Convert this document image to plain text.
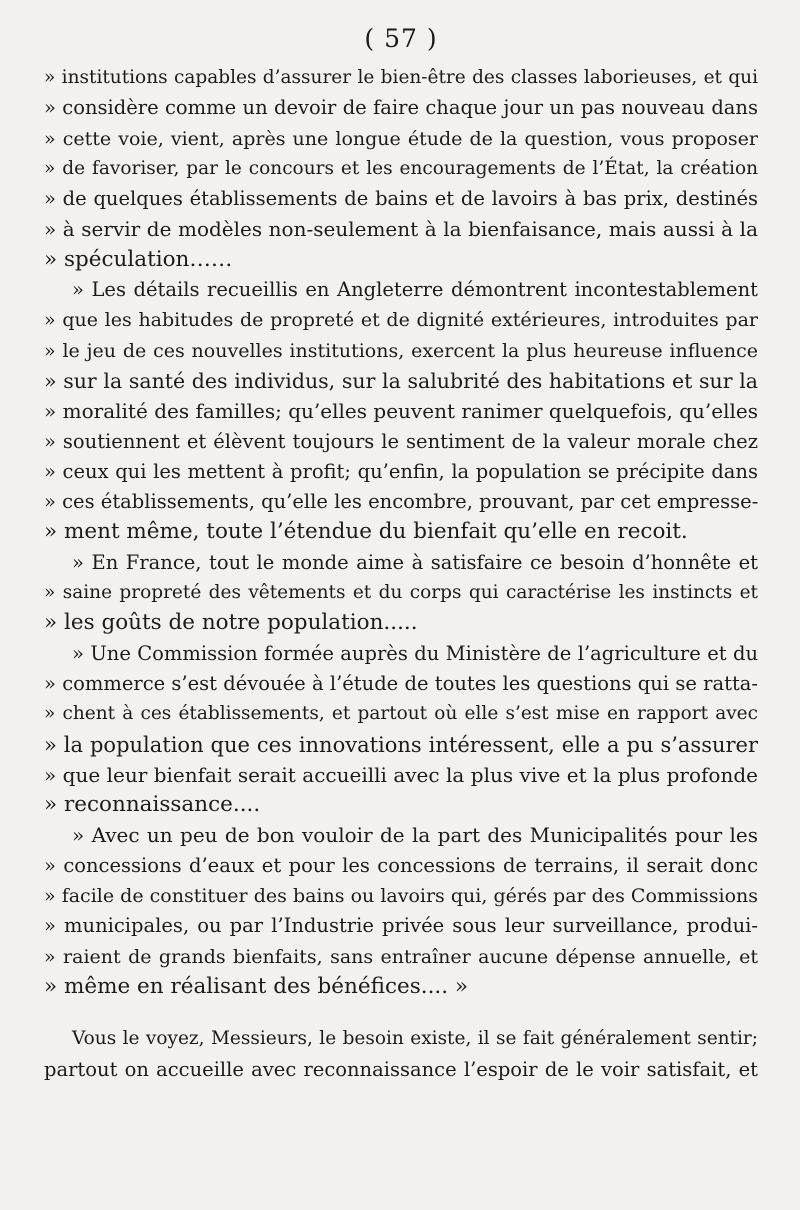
( 57 )
» institutions capables d’assurer le bien-être des classes laborieuses, et qui
» considère comme un devoir de faire chaque jour un pas nouveau dans
» cette voie, vient, après une longue étude de la question, vous proposer
» de favoriser, par le concours et les encouragements de l’État, la création
» de quelques établissements de bains et de lavoirs à bas prix, destinés
» à servir de modèles non-seulement à la bienfaisance, mais aussi à la
» spéculation……
» Les détails recueillis en Angleterre démontrent incontestablement
» que les habitudes de propreté et de dignité extérieures, introduites par
» le jeu de ces nouvelles institutions, exercent la plus heureuse influence
» sur la santé des individus, sur la salubrité des habitations et sur la
» moralité des familles; qu’elles peuvent ranimer quelquefois, qu’elles
» soutiennent et élèvent toujours le sentiment de la valeur morale chez
» ceux qui les mettent à profit; qu’enfin, la population se précipite dans
» ces établissements, qu’elle les encombre, prouvant, par cet empresse-
» ment même, toute l’étendue du bienfait qu’elle en recoit.
» En France, tout le monde aime à satisfaire ce besoin d’honnête et
» saine propreté des vêtements et du corps qui caractérise les instincts et
» les goûts de notre population.....
» Une Commission formée auprès du Ministère de l’agriculture et du
» commerce s’est dévouée à l’étude de toutes les questions qui se ratta-
» chent à ces établissements, et partout où elle s’est mise en rapport avec
» la population que ces innovations intéressent, elle a pu s’assurer
» que leur bienfait serait accueilli avec la plus vive et la plus profonde
» reconnaissance....
» Avec un peu de bon vouloir de la part des Municipalités pour les
» concessions d’eaux et pour les concessions de terrains, il serait donc
» facile de constituer des bains ou lavoirs qui, gérés par des Commissions
» municipales, ou par l’Industrie privée sous leur surveillance, produi-
» raient de grands bienfaits, sans entraîner aucune dépense annuelle, et
» même en réalisant des bénéfices.... »
Vous le voyez, Messieurs, le besoin existe, il se fait généralement sentir;
partout on accueille avec reconnaissance l’espoir de le voir satisfait, et
